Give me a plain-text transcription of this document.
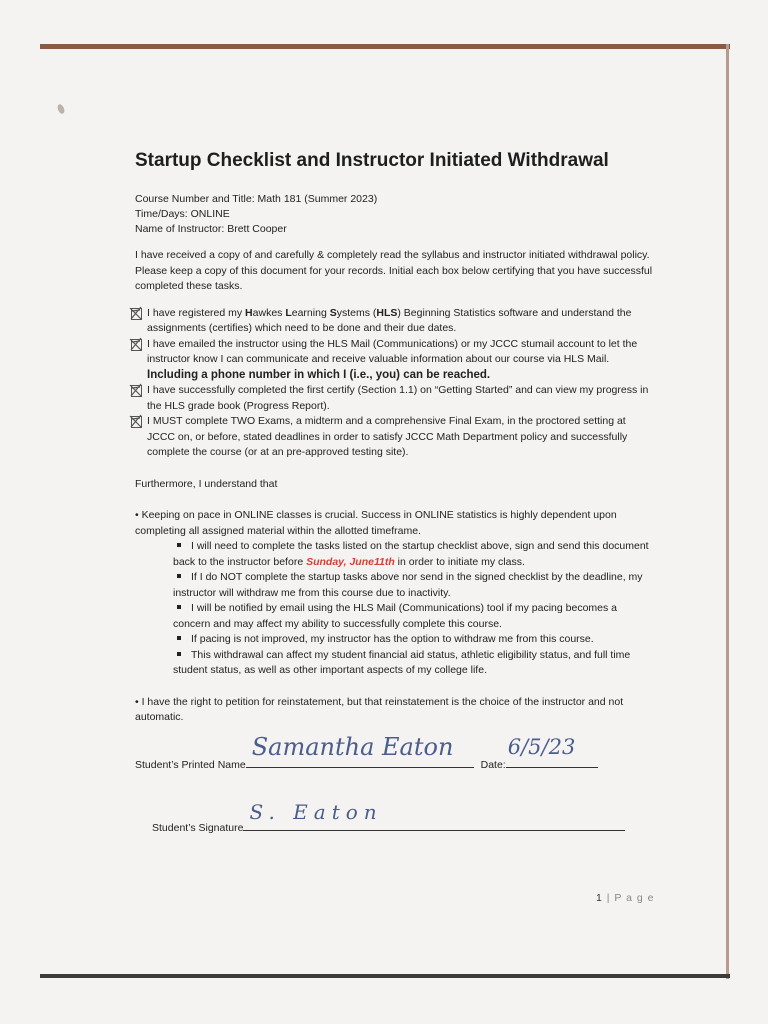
Startup Checklist and Instructor Initiated Withdrawal
Course Number and Title: Math 181 (Summer 2023)
Time/Days: ONLINE
Name of Instructor: Brett Cooper

I have received a copy of and carefully & completely read the syllabus and instructor initiated withdrawal policy. Please keep a copy of this document for your records. Initial each box below certifying that you have successful completed these tasks.

I have registered my Hawkes Learning Systems (HLS) Beginning Statistics software and understand the assignments (certifies) which need to be done and their due dates.
I have emailed the instructor using the HLS Mail (Communications) or my JCCC stumail account to let the instructor know I can communicate and receive valuable information about our course via HLS Mail. Including a phone number in which I (i.e., you) can be reached.
I have successfully completed the first certify (Section 1.1) on “Getting Started” and can view my progress in the HLS grade book (Progress Report).
I MUST complete TWO Exams, a midterm and a comprehensive Final Exam, in the proctored setting at JCCC on, or before, stated deadlines in order to satisfy JCCC Math Department policy and successfully complete the course (or at an pre-approved testing site).

Furthermore, I understand that

• Keeping on pace in ONLINE classes is crucial. Success in ONLINE statistics is highly dependent upon completing all assigned material within the allotted timeframe.

I will need to complete the tasks listed on the startup checklist above, sign and send this document back to the instructor before Sunday, June11th in order to initiate my class.
If I do NOT complete the startup tasks above nor send in the signed checklist by the deadline, my instructor will withdraw me from this course due to inactivity.
I will be notified by email using the HLS Mail (Communications) tool if my pacing becomes a concern and may affect my ability to successfully complete this course.
If pacing is not improved, my instructor has the option to withdraw me from this course.
This withdrawal can affect my student financial aid status, athletic eligibility status, and full time student status, as well as other important aspects of my college life.

• I have the right to petition for reinstatement, but that reinstatement is the choice of the instructor and not automatic.

Student’s Printed Name
Samantha Eaton
Date:
6/5/23
Student’s Signature
S. Eaton
1 | P a g e
